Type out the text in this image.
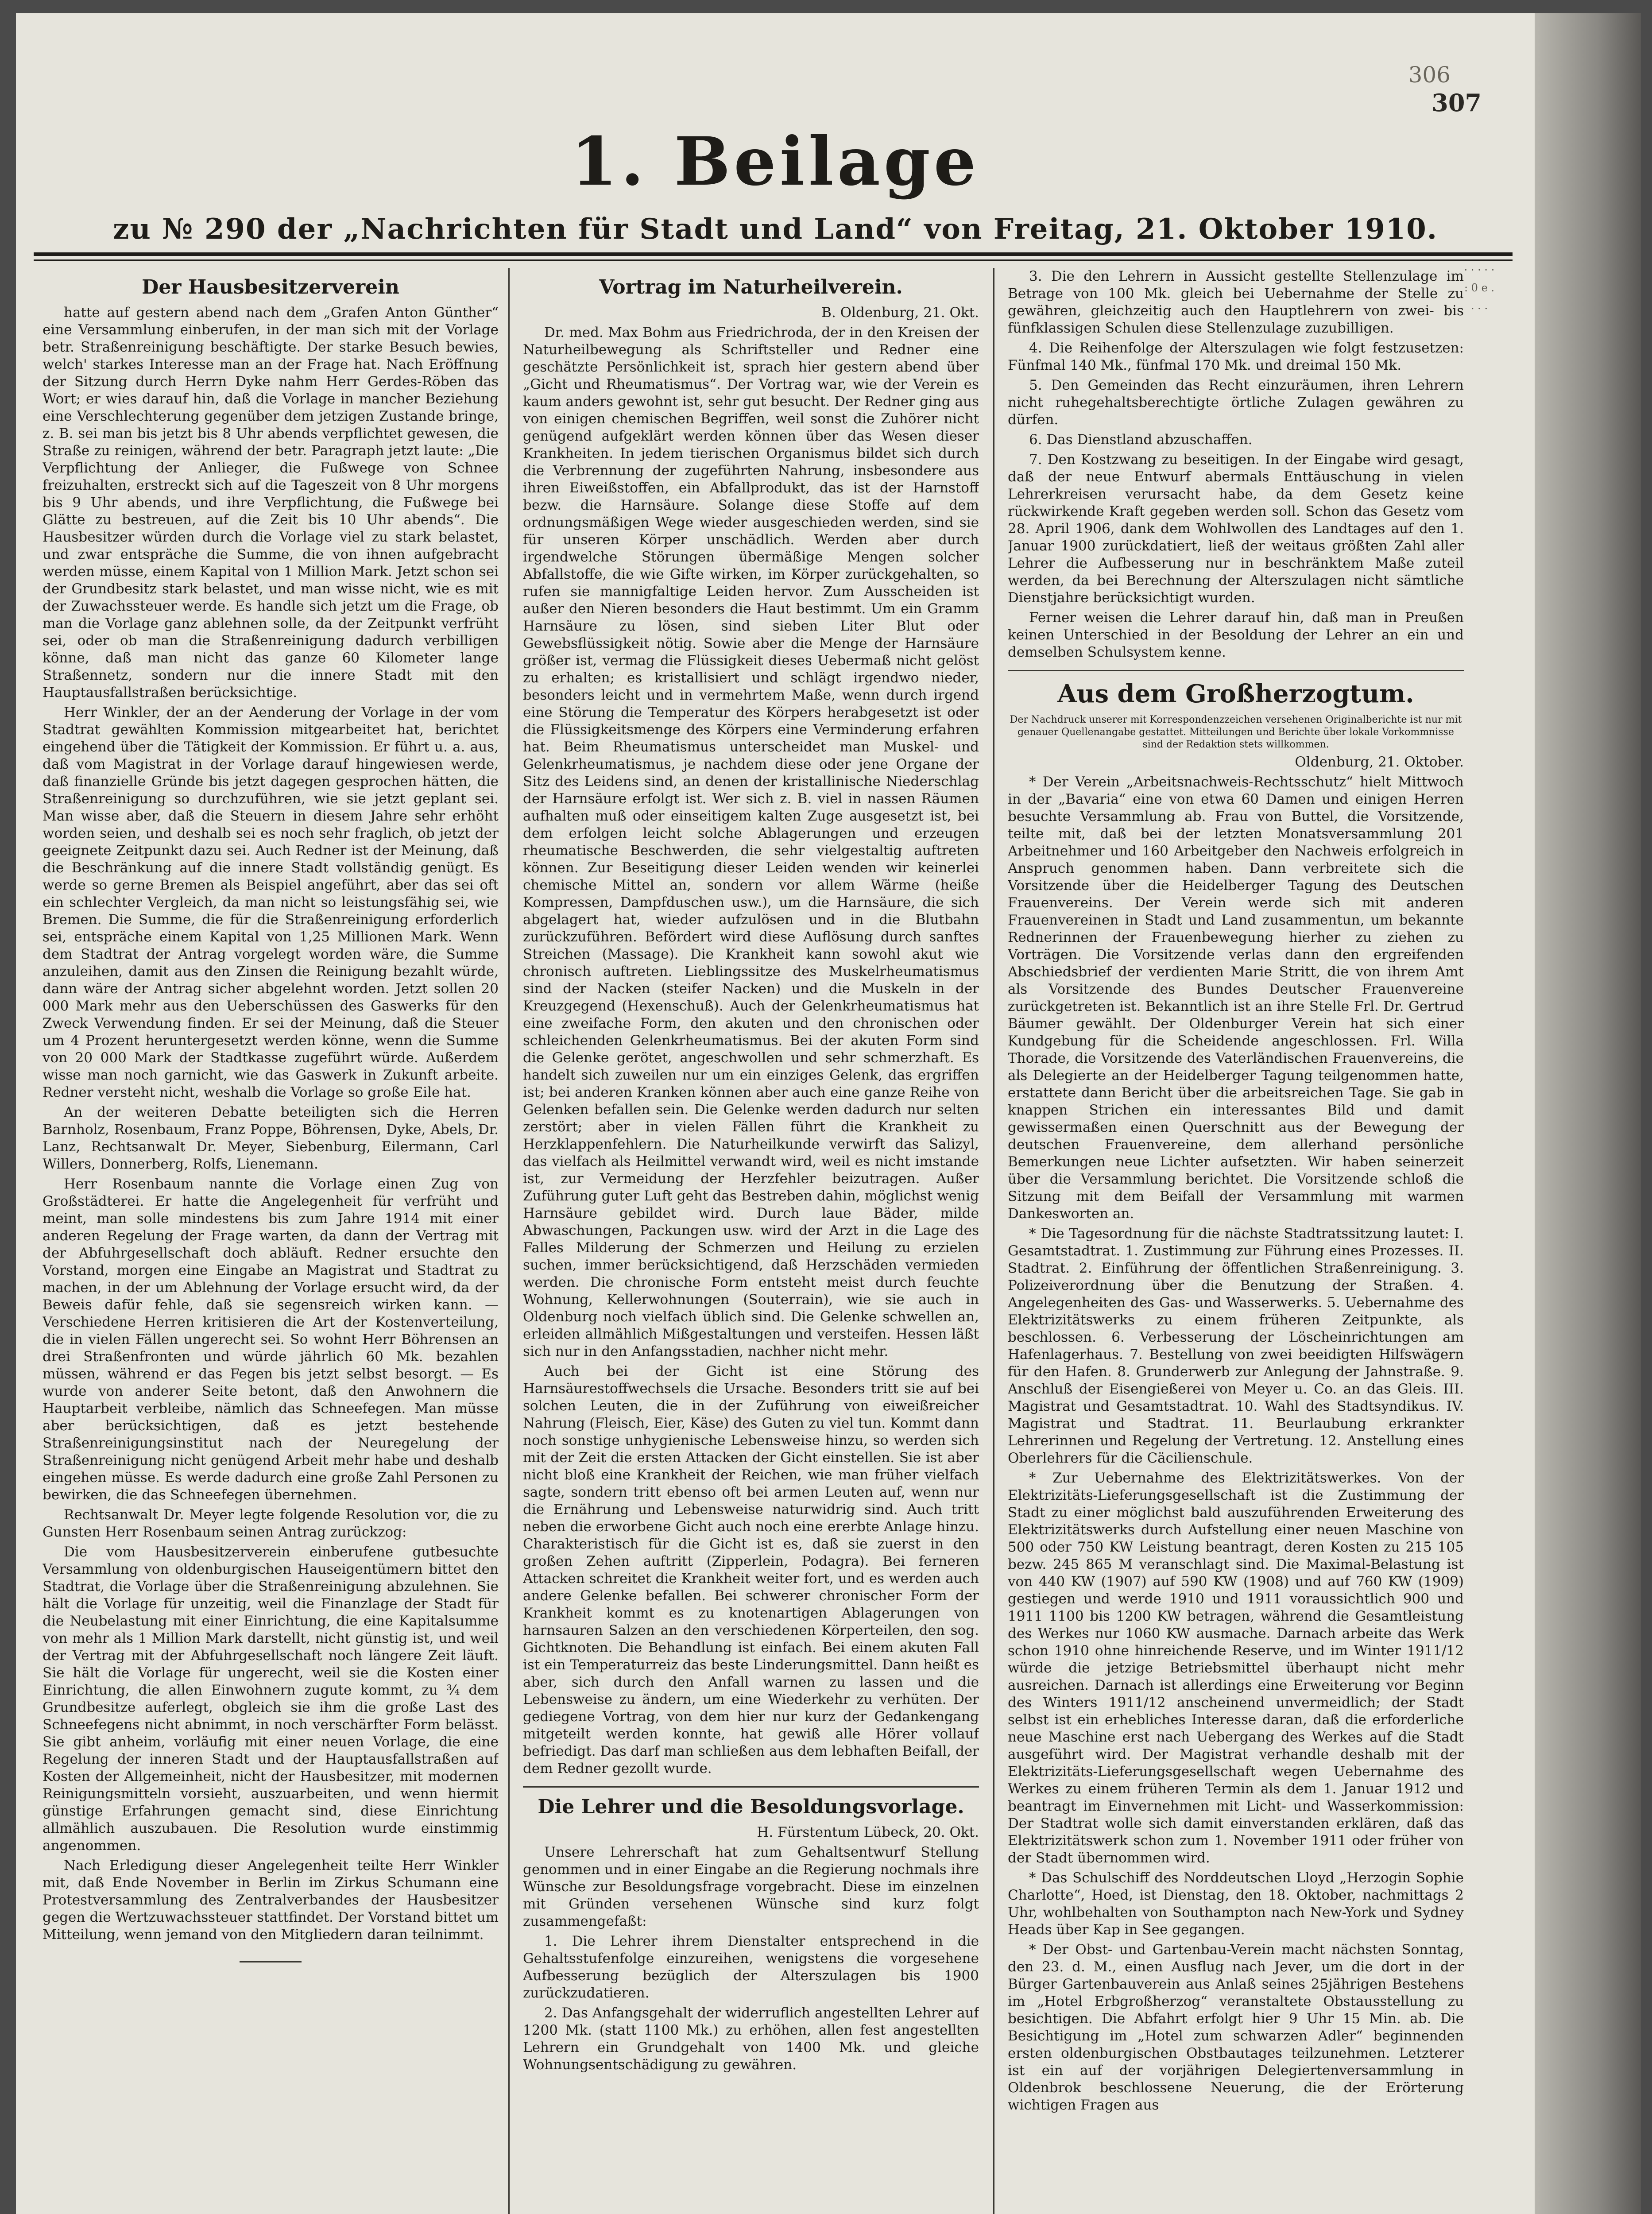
306
307
1. Beilage
zu № 290 der „Nachrichten für Stadt und Land“ von Freitag, 21. Oktober 1910.
Der Hausbesitzerverein

hatte auf gestern abend nach dem „Grafen Anton Günther“ eine Versammlung einberufen, in der man sich mit der Vorlage betr. Straßenreinigung beschäftigte. Der starke Besuch bewies, welch' starkes Interesse man an der Frage hat. Nach Eröffnung der Sitzung durch Herrn Dyke nahm Herr Gerdes-Röben das Wort; er wies darauf hin, daß die Vorlage in mancher Beziehung eine Verschlechterung gegenüber dem jetzigen Zustande bringe, z. B. sei man bis jetzt bis 8 Uhr abends verpflichtet gewesen, die Straße zu reinigen, während der betr. Paragraph jetzt laute: „Die Verpflichtung der Anlieger, die Fußwege von Schnee freizuhalten, erstreckt sich auf die Tageszeit von 8 Uhr morgens bis 9 Uhr abends, und ihre Verpflichtung, die Fußwege bei Glätte zu bestreuen, auf die Zeit bis 10 Uhr abends“. Die Hausbesitzer würden durch die Vorlage viel zu stark belastet, und zwar entspräche die Summe, die von ihnen aufgebracht werden müsse, einem Kapital von 1 Million Mark. Jetzt schon sei der Grundbesitz stark belastet, und man wisse nicht, wie es mit der Zuwachssteuer werde. Es handle sich jetzt um die Frage, ob man die Vorlage ganz ablehnen solle, da der Zeitpunkt verfrüht sei, oder ob man die Straßenreinigung dadurch verbilligen könne, daß man nicht das ganze 60 Kilometer lange Straßennetz, sondern nur die innere Stadt mit den Hauptausfallstraßen berücksichtige.

Herr Winkler, der an der Aenderung der Vorlage in der vom Stadtrat gewählten Kommission mitgearbeitet hat, berichtet eingehend über die Tätigkeit der Kommission. Er führt u. a. aus, daß vom Magistrat in der Vorlage darauf hingewiesen werde, daß finanzielle Gründe bis jetzt dagegen gesprochen hätten, die Straßenreinigung so durchzuführen, wie sie jetzt geplant sei. Man wisse aber, daß die Steuern in diesem Jahre sehr erhöht worden seien, und deshalb sei es noch sehr fraglich, ob jetzt der geeignete Zeitpunkt dazu sei. Auch Redner ist der Meinung, daß die Beschränkung auf die innere Stadt vollständig genügt. Es werde so gerne Bremen als Beispiel angeführt, aber das sei oft ein schlechter Vergleich, da man nicht so leistungsfähig sei, wie Bremen. Die Summe, die für die Straßenreinigung erforderlich sei, entspräche einem Kapital von 1,25 Millionen Mark. Wenn dem Stadtrat der Antrag vorgelegt worden wäre, die Summe anzuleihen, damit aus den Zinsen die Reinigung bezahlt würde, dann wäre der Antrag sicher abgelehnt worden. Jetzt sollen 20 000 Mark mehr aus den Ueberschüssen des Gaswerks für den Zweck Verwendung finden. Er sei der Meinung, daß die Steuer um 4 Prozent heruntergesetzt werden könne, wenn die Summe von 20 000 Mark der Stadtkasse zugeführt würde. Außerdem wisse man noch garnicht, wie das Gaswerk in Zukunft arbeite. Redner versteht nicht, weshalb die Vorlage so große Eile hat.

An der weiteren Debatte beteiligten sich die Herren Barnholz, Rosenbaum, Franz Poppe, Böhrensen, Dyke, Abels, Dr. Lanz, Rechtsanwalt Dr. Meyer, Siebenburg, Eilermann, Carl Willers, Donnerberg, Rolfs, Lienemann.

Herr Rosenbaum nannte die Vorlage einen Zug von Großstädterei. Er hatte die Angelegenheit für verfrüht und meint, man solle mindestens bis zum Jahre 1914 mit einer anderen Regelung der Frage warten, da dann der Vertrag mit der Abfuhrgesellschaft doch abläuft. Redner ersuchte den Vorstand, morgen eine Eingabe an Magistrat und Stadtrat zu machen, in der um Ablehnung der Vorlage ersucht wird, da der Beweis dafür fehle, daß sie segensreich wirken kann. — Verschiedene Herren kritisieren die Art der Kostenverteilung, die in vielen Fällen ungerecht sei. So wohnt Herr Böhrensen an drei Straßenfronten und würde jährlich 60 Mk. bezahlen müssen, während er das Fegen bis jetzt selbst besorgt. — Es wurde von anderer Seite betont, daß den Anwohnern die Hauptarbeit verbleibe, nämlich das Schneefegen. Man müsse aber berücksichtigen, daß es jetzt bestehende Straßenreinigungsinstitut nach der Neuregelung der Straßenreinigung nicht genügend Arbeit mehr habe und deshalb eingehen müsse. Es werde dadurch eine große Zahl Personen zu bewirken, die das Schneefegen übernehmen.

Rechtsanwalt Dr. Meyer legte folgende Resolution vor, die zu Gunsten Herr Rosenbaum seinen Antrag zurückzog:

Die vom Hausbesitzerverein einberufene gutbesuchte Versammlung von oldenburgischen Hauseigentümern bittet den Stadtrat, die Vorlage über die Straßenreinigung abzulehnen. Sie hält die Vorlage für unzeitig, weil die Finanzlage der Stadt für die Neubelastung mit einer Einrichtung, die eine Kapitalsumme von mehr als 1 Million Mark darstellt, nicht günstig ist, und weil der Vertrag mit der Abfuhrgesellschaft noch längere Zeit läuft. Sie hält die Vorlage für ungerecht, weil sie die Kosten einer Einrichtung, die allen Einwohnern zugute kommt, zu ¾ dem Grundbesitze auferlegt, obgleich sie ihm die große Last des Schneefegens nicht abnimmt, in noch verschärfter Form belässt. Sie gibt anheim, vorläufig mit einer neuen Vorlage, die eine Regelung der inneren Stadt und der Hauptausfallstraßen auf Kosten der Allgemeinheit, nicht der Hausbesitzer, mit modernen Reinigungsmitteln vorsieht, auszuarbeiten, und wenn hiermit günstige Erfahrungen gemacht sind, diese Einrichtung allmählich auszubauen. Die Resolution wurde einstimmig angenommen.

Nach Erledigung dieser Angelegenheit teilte Herr Winkler mit, daß Ende November in Berlin im Zirkus Schumann eine Protestversammlung des Zentralverbandes der Hausbesitzer gegen die Wertzuwachssteuer stattfindet. Der Vorstand bittet um Mitteilung, wenn jemand von den Mitgliedern daran teilnimmt.

Vortrag im Naturheilverein.

B. Oldenburg, 21. Okt.

Dr. med. Max Bohm aus Friedrichroda, der in den Kreisen der Naturheilbewegung als Schriftsteller und Redner eine geschätzte Persönlichkeit ist, sprach hier gestern abend über „Gicht und Rheumatismus“. Der Vortrag war, wie der Verein es kaum anders gewohnt ist, sehr gut besucht. Der Redner ging aus von einigen chemischen Begriffen, weil sonst die Zuhörer nicht genügend aufgeklärt werden können über das Wesen dieser Krankheiten. In jedem tierischen Organismus bildet sich durch die Verbrennung der zugeführten Nahrung, insbesondere aus ihren Eiweißstoffen, ein Abfallprodukt, das ist der Harnstoff bezw. die Harnsäure. Solange diese Stoffe auf dem ordnungsmäßigen Wege wieder ausgeschieden werden, sind sie für unseren Körper unschädlich. Werden aber durch irgendwelche Störungen übermäßige Mengen solcher Abfallstoffe, die wie Gifte wirken, im Körper zurückgehalten, so rufen sie mannigfaltige Leiden hervor. Zum Ausscheiden ist außer den Nieren besonders die Haut bestimmt. Um ein Gramm Harnsäure zu lösen, sind sieben Liter Blut oder Gewebsflüssigkeit nötig. Sowie aber die Menge der Harnsäure größer ist, vermag die Flüssigkeit dieses Uebermaß nicht gelöst zu erhalten; es kristallisiert und schlägt irgendwo nieder, besonders leicht und in vermehrtem Maße, wenn durch irgend eine Störung die Temperatur des Körpers herabgesetzt ist oder die Flüssigkeitsmenge des Körpers eine Verminderung erfahren hat. Beim Rheumatismus unterscheidet man Muskel- und Gelenkrheumatismus, je nachdem diese oder jene Organe der Sitz des Leidens sind, an denen der kristallinische Niederschlag der Harnsäure erfolgt ist. Wer sich z. B. viel in nassen Räumen aufhalten muß oder einseitigem kalten Zuge ausgesetzt ist, bei dem erfolgen leicht solche Ablagerungen und erzeugen rheumatische Beschwerden, die sehr vielgestaltig auftreten können. Zur Beseitigung dieser Leiden wenden wir keinerlei chemische Mittel an, sondern vor allem Wärme (heiße Kompressen, Dampfduschen usw.), um die Harnsäure, die sich abgelagert hat, wieder aufzulösen und in die Blutbahn zurückzuführen. Befördert wird diese Auflösung durch sanftes Streichen (Massage). Die Krankheit kann sowohl akut wie chronisch auftreten. Lieblingssitze des Muskelrheumatismus sind der Nacken (steifer Nacken) und die Muskeln in der Kreuzgegend (Hexenschuß). Auch der Gelenkrheumatismus hat eine zweifache Form, den akuten und den chronischen oder schleichenden Gelenkrheumatismus. Bei der akuten Form sind die Gelenke gerötet, angeschwollen und sehr schmerzhaft. Es handelt sich zuweilen nur um ein einziges Gelenk, das ergriffen ist; bei anderen Kranken können aber auch eine ganze Reihe von Gelenken befallen sein. Die Gelenke werden dadurch nur selten zerstört; aber in vielen Fällen führt die Krankheit zu Herzklappenfehlern. Die Naturheilkunde verwirft das Salizyl, das vielfach als Heilmittel verwandt wird, weil es nicht imstande ist, zur Vermeidung der Herzfehler beizutragen. Außer Zuführung guter Luft geht das Bestreben dahin, möglichst wenig Harnsäure gebildet wird. Durch laue Bäder, milde Abwaschungen, Packungen usw. wird der Arzt in die Lage des Falles Milderung der Schmerzen und Heilung zu erzielen suchen, immer berücksichtigend, daß Herzschäden vermieden werden. Die chronische Form entsteht meist durch feuchte Wohnung, Kellerwohnungen (Souterrain), wie sie auch in Oldenburg noch vielfach üblich sind. Die Gelenke schwellen an, erleiden allmählich Mißgestaltungen und versteifen. Hessen läßt sich nur in den Anfangsstadien, nachher nicht mehr.

Auch bei der Gicht ist eine Störung des Harnsäurestoffwechsels die Ursache. Besonders tritt sie auf bei solchen Leuten, die in der Zuführung von eiweißreicher Nahrung (Fleisch, Eier, Käse) des Guten zu viel tun. Kommt dann noch sonstige unhygienische Lebensweise hinzu, so werden sich mit der Zeit die ersten Attacken der Gicht einstellen. Sie ist aber nicht bloß eine Krankheit der Reichen, wie man früher vielfach sagte, sondern tritt ebenso oft bei armen Leuten auf, wenn nur die Ernährung und Lebensweise naturwidrig sind. Auch tritt neben die erworbene Gicht auch noch eine ererbte Anlage hinzu. Charakteristisch für die Gicht ist es, daß sie zuerst in den großen Zehen auftritt (Zipperlein, Podagra). Bei ferneren Attacken schreitet die Krankheit weiter fort, und es werden auch andere Gelenke befallen. Bei schwerer chronischer Form der Krankheit kommt es zu knotenartigen Ablagerungen von harnsauren Salzen an den verschiedenen Körperteilen, den sog. Gichtknoten. Die Behandlung ist einfach. Bei einem akuten Fall ist ein Temperaturreiz das beste Linderungsmittel. Dann heißt es aber, sich durch den Anfall warnen zu lassen und die Lebensweise zu ändern, um eine Wiederkehr zu verhüten. Der gediegene Vortrag, von dem hier nur kurz der Gedankengang mitgeteilt werden konnte, hat gewiß alle Hörer vollauf befriedigt. Das darf man schließen aus dem lebhaften Beifall, der dem Redner gezollt wurde.

Die Lehrer und die Besoldungsvorlage.

H. Fürstentum Lübeck, 20. Okt.

Unsere Lehrerschaft hat zum Gehaltsentwurf Stellung genommen und in einer Eingabe an die Regierung nochmals ihre Wünsche zur Besoldungsfrage vorgebracht. Diese im einzelnen mit Gründen versehenen Wünsche sind kurz folgt zusammengefaßt:

1. Die Lehrer ihrem Dienstalter entsprechend in die Gehaltsstufenfolge einzureihen, wenigstens die vorgesehene Aufbesserung bezüglich der Alterszulagen bis 1900 zurückzudatieren.

2. Das Anfangsgehalt der widerruflich angestellten Lehrer auf 1200 Mk. (statt 1100 Mk.) zu erhöhen, allen fest angestellten Lehrern ein Grundgehalt von 1400 Mk. und gleiche Wohnungsentschädigung zu gewähren.

3. Die den Lehrern in Aussicht gestellte Stellenzulage im Betrage von 100 Mk. gleich bei Uebernahme der Stelle zu gewähren, gleichzeitig auch den Hauptlehrern von zwei- bis fünfklassigen Schulen diese Stellenzulage zuzubilligen.

4. Die Reihenfolge der Alterszulagen wie folgt festzusetzen: Fünfmal 140 Mk., fünfmal 170 Mk. und dreimal 150 Mk.

5. Den Gemeinden das Recht einzuräumen, ihren Lehrern nicht ruhegehaltsberechtigte örtliche Zulagen gewähren zu dürfen.

6. Das Dienstland abzuschaffen.

7. Den Kostzwang zu beseitigen. In der Eingabe wird gesagt, daß der neue Entwurf abermals Enttäuschung in vielen Lehrerkreisen verursacht habe, da dem Gesetz keine rückwirkende Kraft gegeben werden soll. Schon das Gesetz vom 28. April 1906, dank dem Wohlwollen des Landtages auf den 1. Januar 1900 zurückdatiert, ließ der weitaus größten Zahl aller Lehrer die Aufbesserung nur in beschränktem Maße zuteil werden, da bei Berechnung der Alterszulagen nicht sämtliche Dienstjahre berücksichtigt wurden.

Ferner weisen die Lehrer darauf hin, daß man in Preußen keinen Unterschied in der Besoldung der Lehrer an ein und demselben Schulsystem kenne.

Aus dem Großherzogtum.

Der Nachdruck unserer mit Korrespondenzzeichen versehenen Originalberichte ist nur mit genauer Quellenangabe gestattet. Mitteilungen und Berichte über lokale Vorkommnisse sind der Redaktion stets willkommen.

Oldenburg, 21. Oktober.

* Der Verein „Arbeitsnachweis-Rechtsschutz“ hielt Mittwoch in der „Bavaria“ eine von etwa 60 Damen und einigen Herren besuchte Versammlung ab. Frau von Buttel, die Vorsitzende, teilte mit, daß bei der letzten Monatsversammlung 201 Arbeitnehmer und 160 Arbeitgeber den Nachweis erfolgreich in Anspruch genommen haben. Dann verbreitete sich die Vorsitzende über die Heidelberger Tagung des Deutschen Frauenvereins. Der Verein werde sich mit anderen Frauenvereinen in Stadt und Land zusammentun, um bekannte Rednerinnen der Frauenbewegung hierher zu ziehen zu Vorträgen. Die Vorsitzende verlas dann den ergreifenden Abschiedsbrief der verdienten Marie Stritt, die von ihrem Amt als Vorsitzende des Bundes Deutscher Frauenvereine zurückgetreten ist. Bekanntlich ist an ihre Stelle Frl. Dr. Gertrud Bäumer gewählt. Der Oldenburger Verein hat sich einer Kundgebung für die Scheidende angeschlossen. Frl. Willa Thorade, die Vorsitzende des Vaterländischen Frauenvereins, die als Delegierte an der Heidelberger Tagung teilgenommen hatte, erstattete dann Bericht über die arbeitsreichen Tage. Sie gab in knappen Strichen ein interessantes Bild und damit gewissermaßen einen Querschnitt aus der Bewegung der deutschen Frauenvereine, dem allerhand persönliche Bemerkungen neue Lichter aufsetzten. Wir haben seinerzeit über die Versammlung berichtet. Die Vorsitzende schloß die Sitzung mit dem Beifall der Versammlung mit warmen Dankesworten an.

* Die Tagesordnung für die nächste Stadtratssitzung lautet: I. Gesamtstadtrat. 1. Zustimmung zur Führung eines Prozesses. II. Stadtrat. 2. Einführung der öffentlichen Straßenreinigung. 3. Polizeiverordnung über die Benutzung der Straßen. 4. Angelegenheiten des Gas- und Wasserwerks. 5. Uebernahme des Elektrizitätswerks zu einem früheren Zeitpunkte, als beschlossen. 6. Verbesserung der Löscheinrichtungen am Hafenlagerhaus. 7. Bestellung von zwei beeidigten Hilfswägern für den Hafen. 8. Grunderwerb zur Anlegung der Jahnstraße. 9. Anschluß der Eisengießerei von Meyer u. Co. an das Gleis. III. Magistrat und Gesamtstadtrat. 10. Wahl des Stadtsyndikus. IV. Magistrat und Stadtrat. 11. Beurlaubung erkrankter Lehrerinnen und Regelung der Vertretung. 12. Anstellung eines Oberlehrers für die Cäcilienschule.

* Zur Uebernahme des Elektrizitätswerkes. Von der Elektrizitäts-Lieferungsgesellschaft ist die Zustimmung der Stadt zu einer möglichst bald auszuführenden Erweiterung des Elektrizitätswerks durch Aufstellung einer neuen Maschine von 500 oder 750 KW Leistung beantragt, deren Kosten zu 215 105 bezw. 245 865 M veranschlagt sind. Die Maximal-Belastung ist von 440 KW (1907) auf 590 KW (1908) und auf 760 KW (1909) gestiegen und werde 1910 und 1911 voraussichtlich 900 und 1911 1100 bis 1200 KW betragen, während die Gesamtleistung des Werkes nur 1060 KW ausmache. Darnach arbeite das Werk schon 1910 ohne hinreichende Reserve, und im Winter 1911/12 würde die jetzige Betriebsmittel überhaupt nicht mehr ausreichen. Darnach ist allerdings eine Erweiterung vor Beginn des Winters 1911/12 anscheinend unvermeidlich; der Stadt selbst ist ein erhebliches Interesse daran, daß die erforderliche neue Maschine erst nach Uebergang des Werkes auf die Stadt ausgeführt wird. Der Magistrat verhandle deshalb mit der Elektrizitäts-Lieferungsgesellschaft wegen Uebernahme des Werkes zu einem früheren Termin als dem 1. Januar 1912 und beantragt im Einvernehmen mit Licht- und Wasserkommission: Der Stadtrat wolle sich damit einverstanden erklären, daß das Elektrizitätswerk schon zum 1. November 1911 oder früher von der Stadt übernommen wird.

* Das Schulschiff des Norddeutschen Lloyd „Herzogin Sophie Charlotte“, Hoed, ist Dienstag, den 18. Oktober, nachmittags 2 Uhr, wohlbehalten von Southampton nach New-York und Sydney Heads über Kap in See gegangen.

* Der Obst- und Gartenbau-Verein macht nächsten Sonntag, den 23. d. M., einen Ausflug nach Jever, um die dort in der Bürger Gartenbauverein aus Anlaß seines 25jährigen Bestehens im „Hotel Erbgroßherzog“ veranstaltete Obstausstellung zu besichtigen. Die Abfahrt erfolgt hier 9 Uhr 15 Min. ab. Die Besichtigung im „Hotel zum schwarzen Adler“ beginnenden ersten oldenburgischen Obstbautages teilzunehmen. Letzterer ist ein auf der vorjährigen Delegiertenversammlung in Oldenbrok beschlossene Neuerung, die der Erörterung wichtigen Fragen aus

· · · · · : 0 e . . . .
